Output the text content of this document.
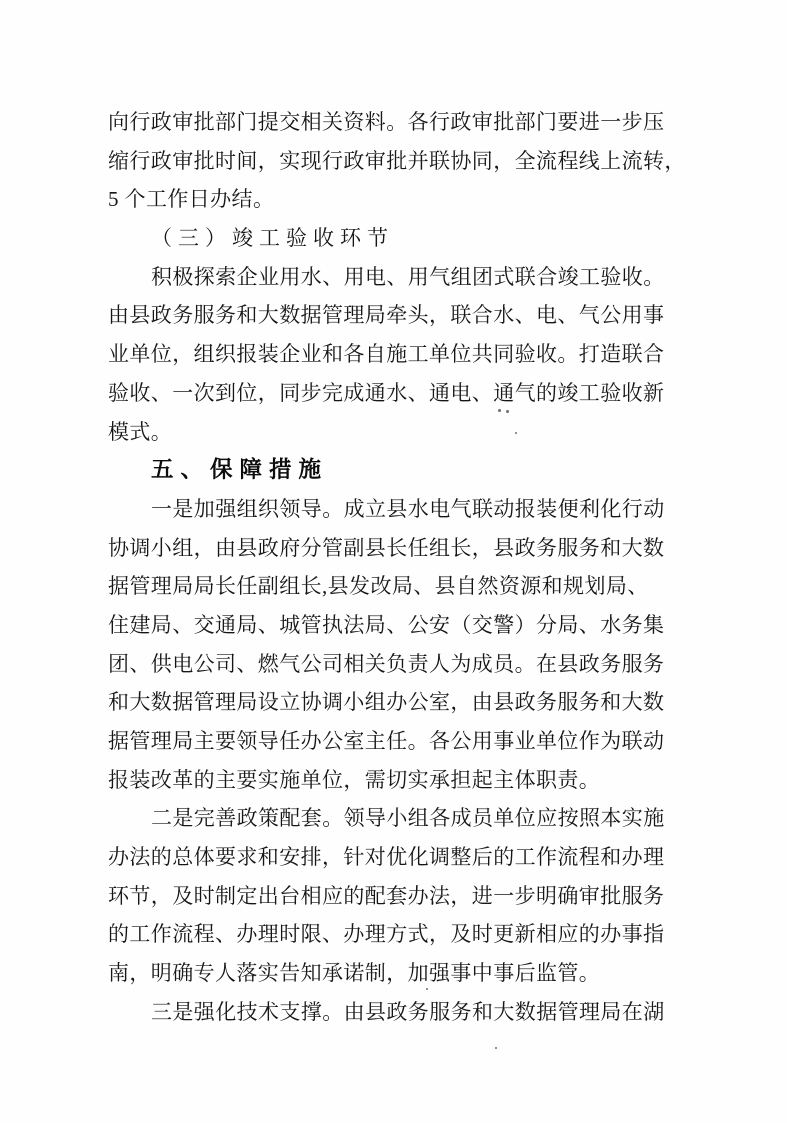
向行政审批部门提交相关资料。各行政审批部门要进一步压
缩行政审批时间，实现行政审批并联协同，全流程线上流转，
5 个工作日办结。
（三）竣工验收环节
积极探索企业用水、用电、用气组团式联合竣工验收。
由县政务服务和大数据管理局牵头，联合水、电、气公用事
业单位，组织报装企业和各自施工单位共同验收。打造联合
验收、一次到位，同步完成通水、通电、通气的竣工验收新
模式。
五、保障措施
一是加强组织领导。成立县水电气联动报装便利化行动
协调小组，由县政府分管副县长任组长，县政务服务和大数
据管理局局长任副组长,县发改局、县自然资源和规划局、
住建局、交通局、城管执法局、公安（交警）分局、水务集
团、供电公司、燃气公司相关负责人为成员。在县政务服务
和大数据管理局设立协调小组办公室，由县政务服务和大数
据管理局主要领导任办公室主任。各公用事业单位作为联动
报装改革的主要实施单位，需切实承担起主体职责。
二是完善政策配套。领导小组各成员单位应按照本实施
办法的总体要求和安排，针对优化调整后的工作流程和办理
环节，及时制定出台相应的配套办法，进一步明确审批服务
的工作流程、办理时限、办理方式，及时更新相应的办事指
南，明确专人落实告知承诺制，加强事中事后监管。
三是强化技术支撑。由县政务服务和大数据管理局在湖
